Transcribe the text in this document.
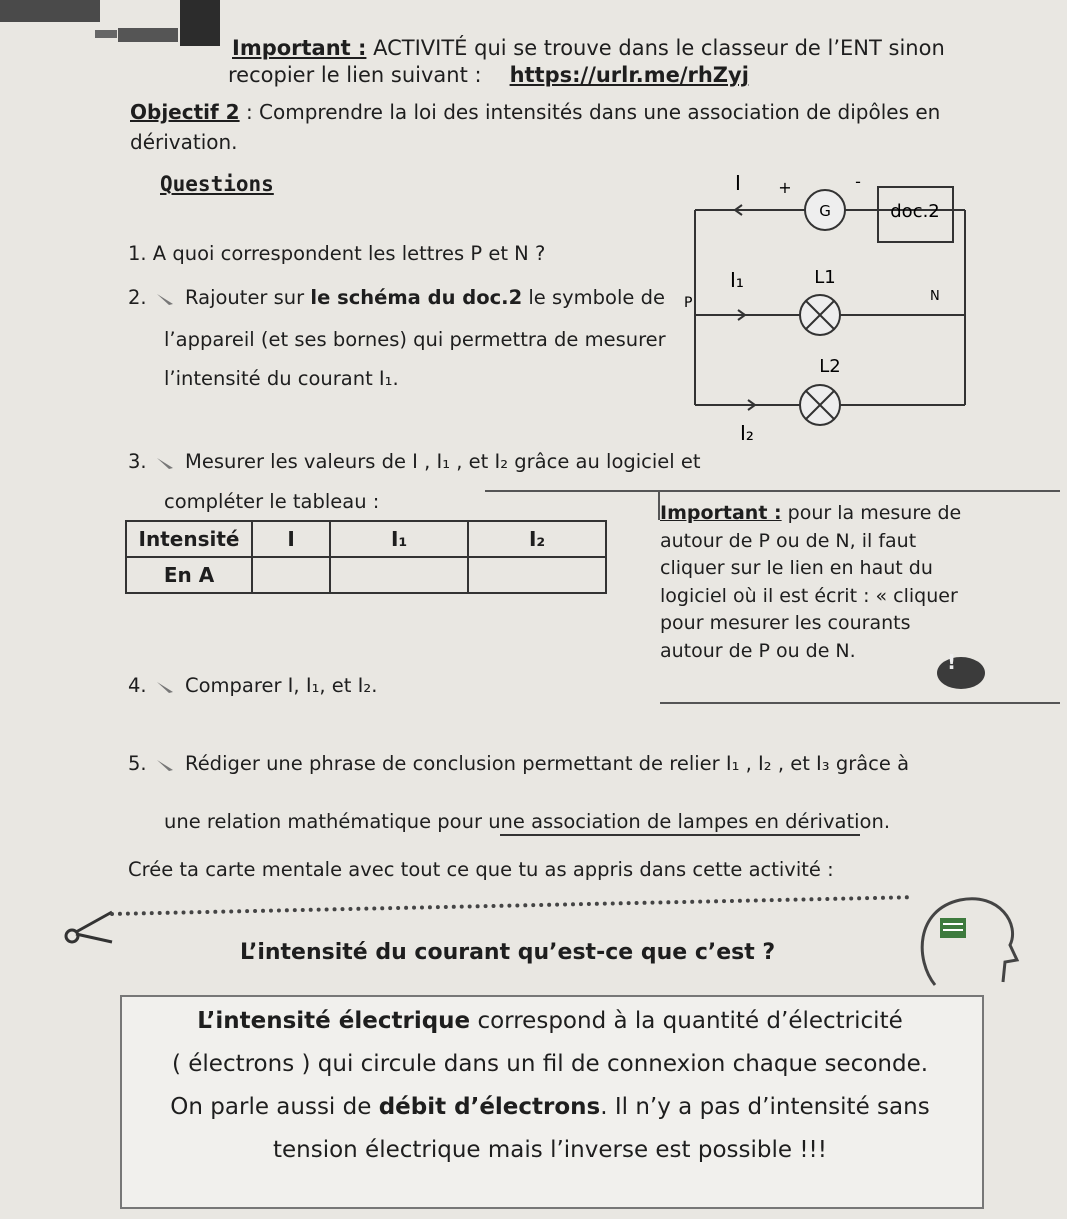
Important : ACTIVITÉ qui se trouve dans le classeur de l’ENT sinon
recopier le lien suivant : https://urlr.me/rhZyj
Objectif 2 : Comprendre la loi des intensités dans une association de dipôles en
dérivation.
Questions
1. A quoi correspondent les lettres P et N ?
2. Rajouter sur le schéma du doc.2 le symbole de
l’appareil (et ses bornes) qui permettra de mesurer
l’intensité du courant I₁.
G
+	-
doc.2
I
L1
I₁
P	N
L2
I₂
3. Mesurer les valeurs de I , I₁ , et I₂ grâce au logiciel et
compléter le tableau :
Intensité	I	I₁	I₂
En A			
Important : pour la mesure de
autour de P ou de N, il faut
cliquer sur le lien en haut du
logiciel où il est écrit : « cliquer
pour mesurer les courants
autour de P ou de N.	!
4. Comparer I, I₁, et I₂.
5. Rédiger une phrase de conclusion permettant de relier I₁ , I₂ , et I₃ grâce à
une relation mathématique pour une association de lampes en dérivation.
Crée ta carte mentale avec tout ce que tu as appris dans cette activité :
L’intensité du courant qu’est-ce que c’est ?
L’intensité électrique correspond à la quantité d’électricité
( électrons ) qui circule dans un fil de connexion chaque seconde.
On parle aussi de débit d’électrons. Il n’y a pas d’intensité sans
tension électrique mais l’inverse est possible !!!
